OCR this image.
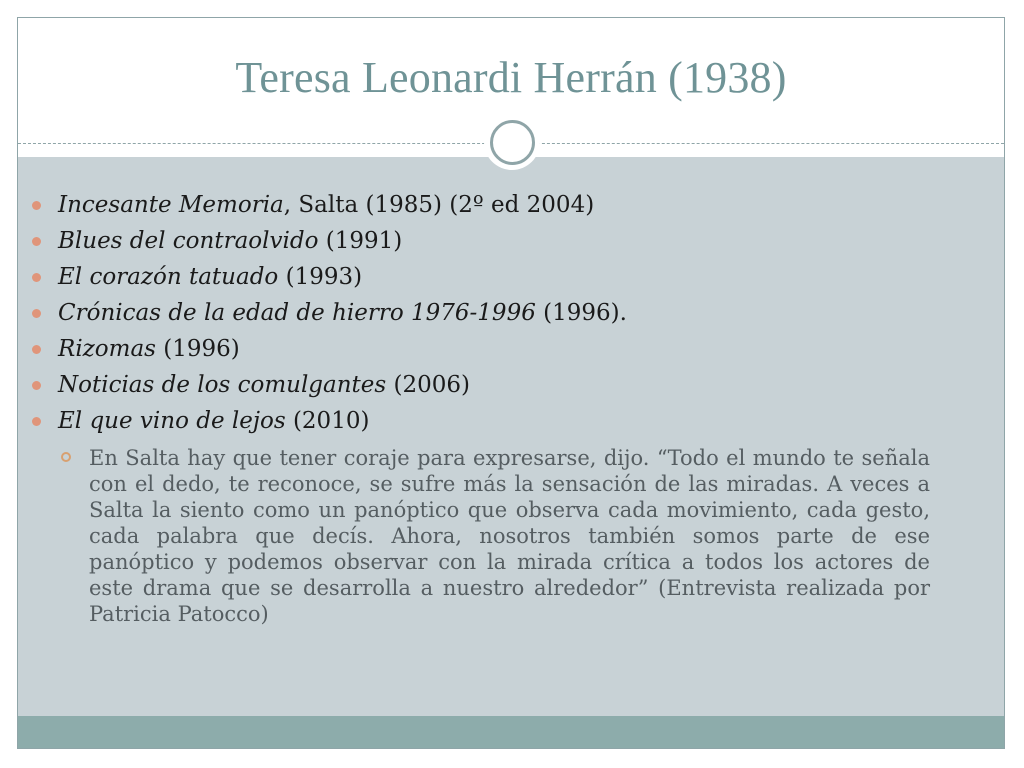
Teresa Leonardi Herrán (1938)
Incesante Memoria, Salta (1985) (2º ed 2004)
Blues del contraolvido (1991)
El corazón tatuado (1993)
Crónicas de la edad de hierro 1976-1996 (1996).
Rizomas (1996)
Noticias de los comulgantes (2006)
El que vino de lejos (2010)
En Salta hay que tener coraje para expresarse, dijo. “Todo el mundo te señala con el dedo, te reconoce, se sufre más la sensación de las miradas. A veces a Salta la siento como un panóptico que observa cada movimiento, cada gesto, cada palabra que decís. Ahora, nosotros también somos parte de ese panóptico y podemos observar con la mirada crítica a todos los actores de este drama que se desarrolla a nuestro alrededor” (Entrevista realizada por Patricia Patocco)
